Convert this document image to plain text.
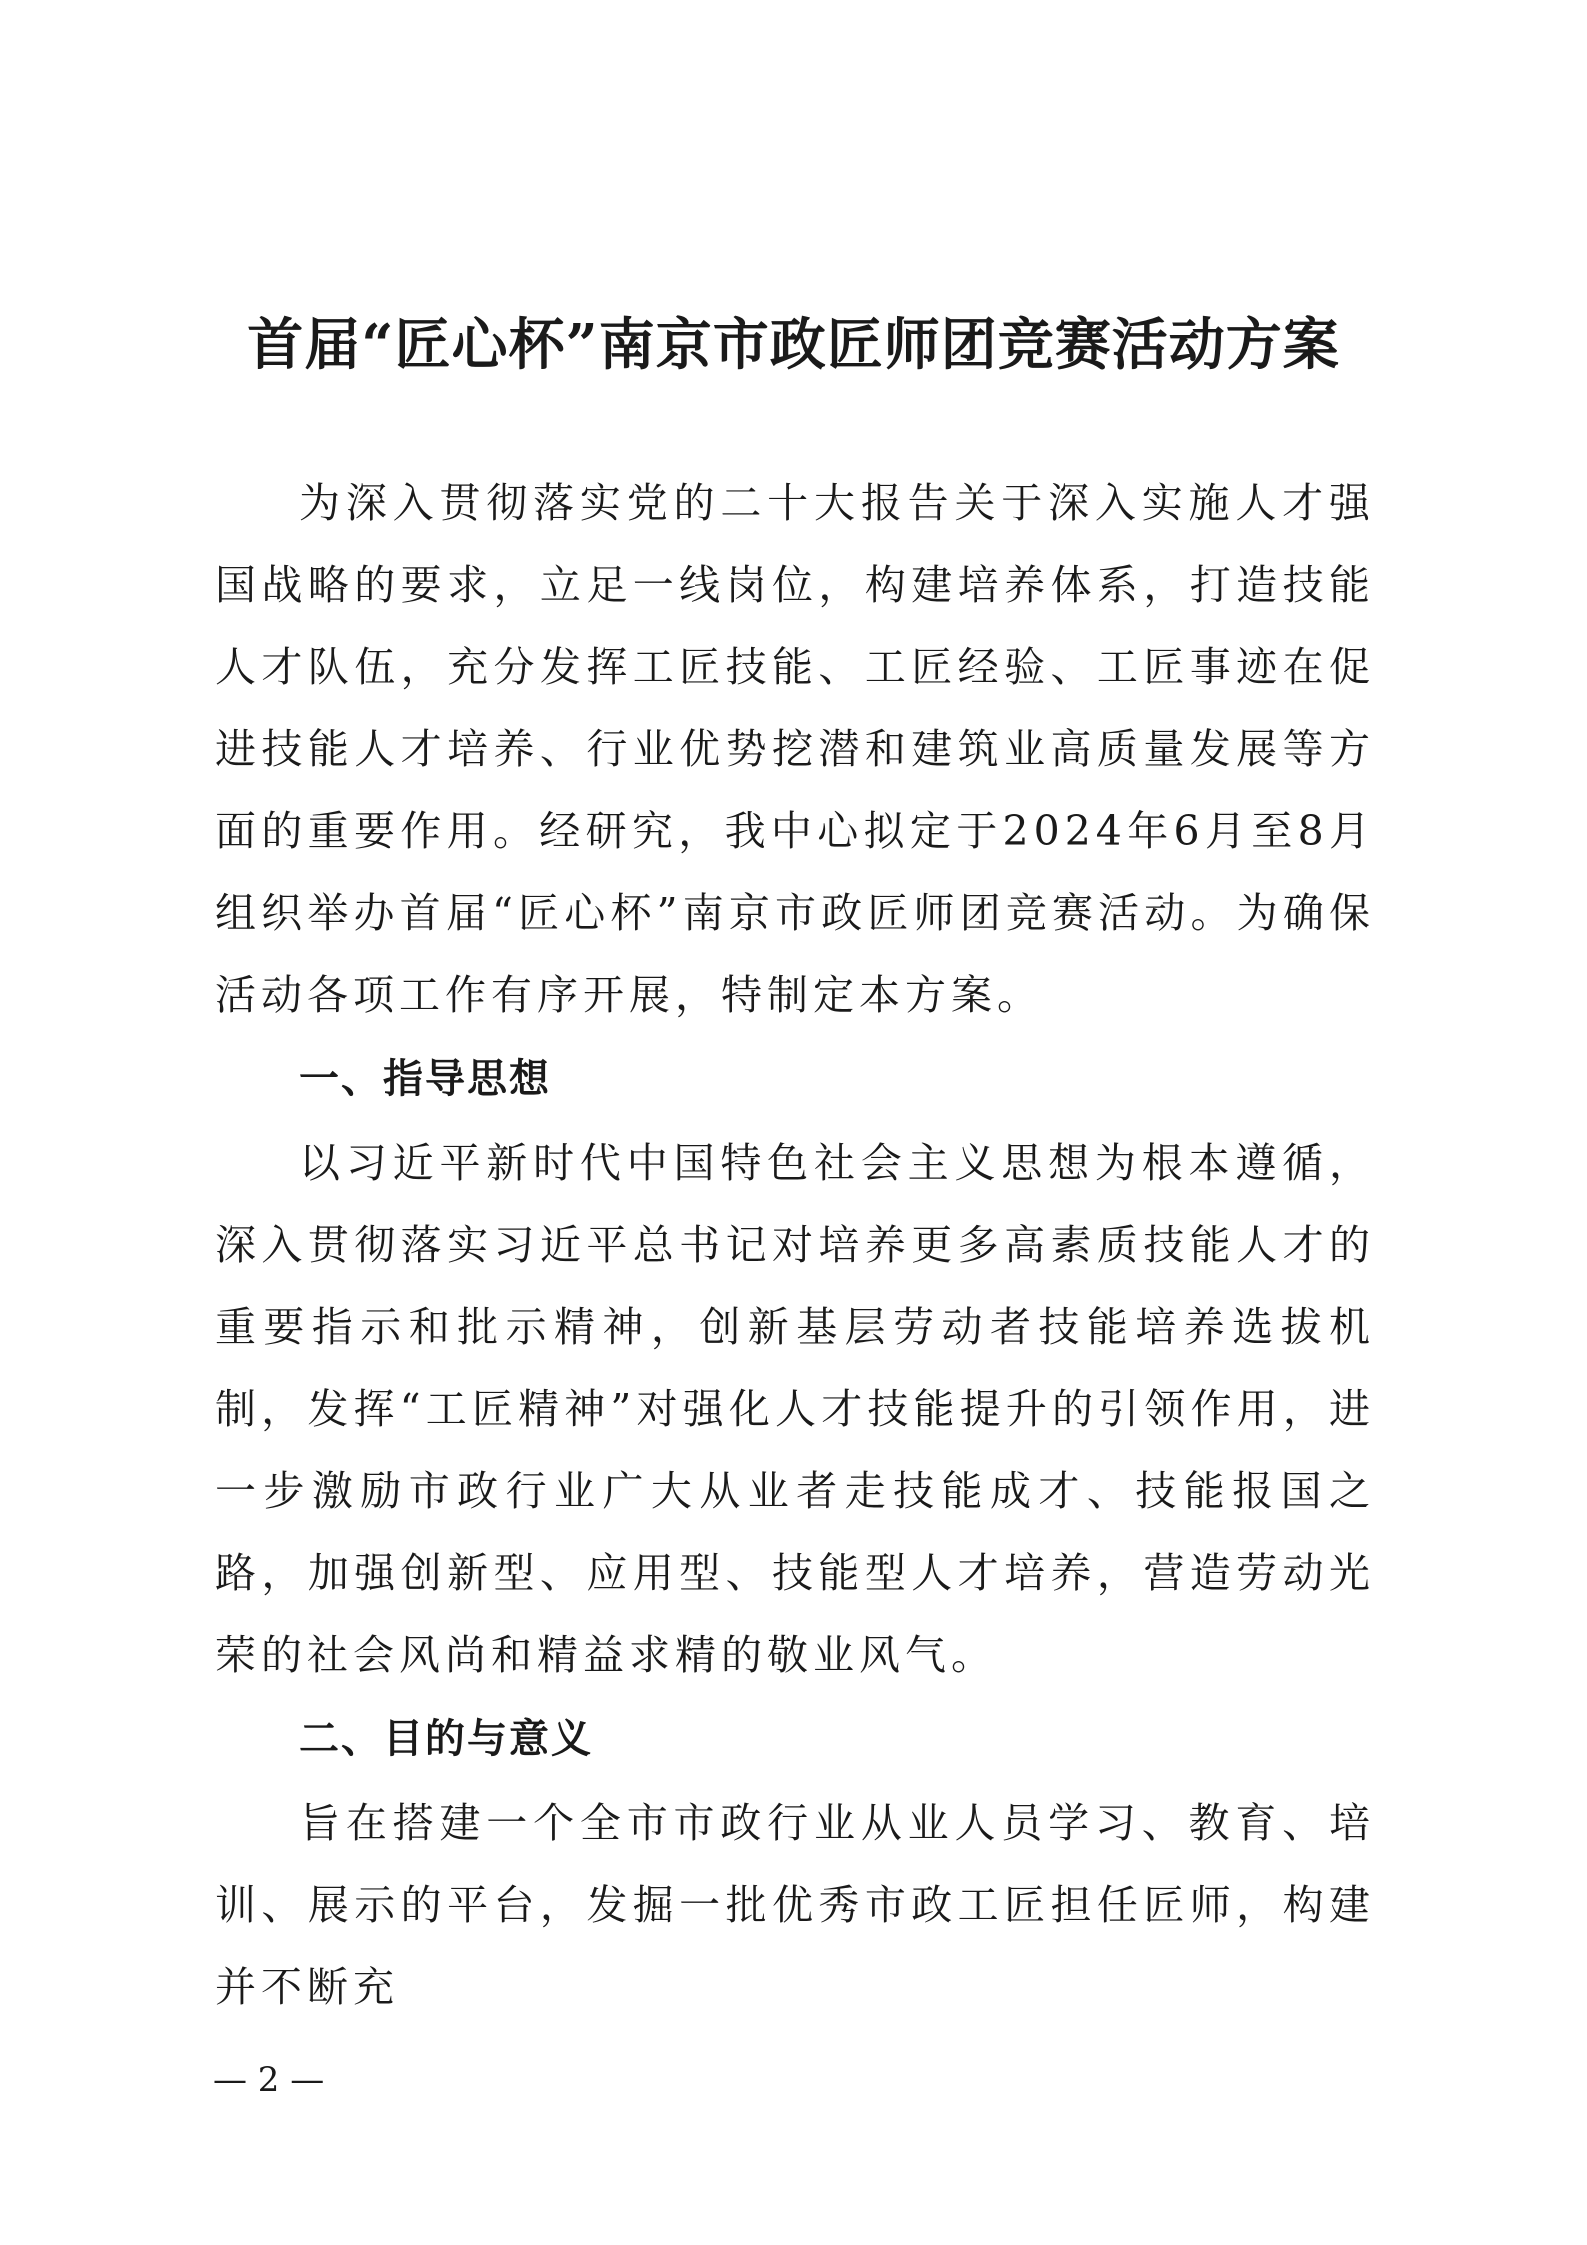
首届“匠心杯”南京市政匠师团竞赛活动方案

为深入贯彻落实党的二十大报告关于深入实施人才强国战略的要求，立足一线岗位，构建培养体系，打造技能人才队伍，充分发挥工匠技能、工匠经验、工匠事迹在促进技能人才培养、行业优势挖潜和建筑业高质量发展等方面的重要作用。经研究，我中心拟定于2024年6月至8月组织举办首届“匠心杯”南京市政匠师团竞赛活动。为确保活动各项工作有序开展，特制定本方案。

一、指导思想

以习近平新时代中国特色社会主义思想为根本遵循，深入贯彻落实习近平总书记对培养更多高素质技能人才的重要指示和批示精神，创新基层劳动者技能培养选拔机制，发挥“工匠精神”对强化人才技能提升的引领作用，进一步激励市政行业广大从业者走技能成才、技能报国之路，加强创新型、应用型、技能型人才培养，营造劳动光荣的社会风尚和精益求精的敬业风气。

二、目的与意义

旨在搭建一个全市市政行业从业人员学习、教育、培训、展示的平台，发掘一批优秀市政工匠担任匠师，构建并不断充

— 2 —
